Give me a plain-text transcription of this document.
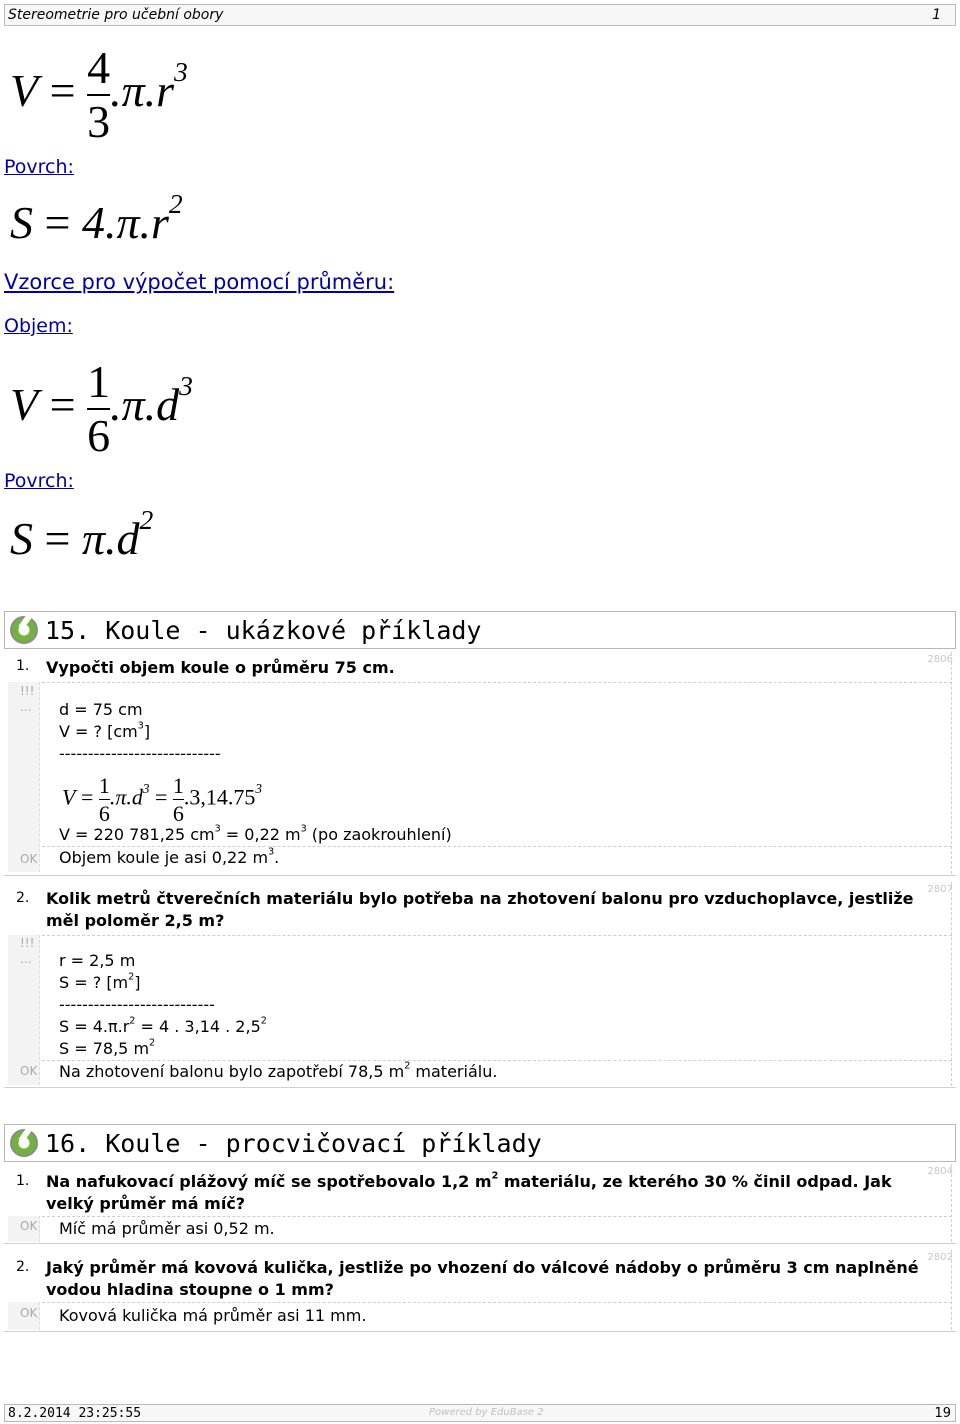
Stereometrie pro učební obory	1
$V = \frac{4}{3} .\pi.r^3$
Povrch:
$S = 4.\pi.r^2$
Vzorce pro výpočet pomocí průměru:
Objem:
$V = \frac{1}{6} .\pi.d^3$
Povrch:
$S = \pi.d^2$
15. Koule - ukázkové příklady
1.	2806
Vypočti objem koule o průměru 75 cm.
!!!
...
OK
d = 75 cm
V = ? $[cm^3]$
----------------------------
$V = \frac{1}{6} .\pi.d^3 = \frac{1}{6} .3,14.75^3$
V = 220 781,25 $cm^3 = 0,22$ $m^3$ (po zaokrouhlení)
Objem koule je asi 0,22 $m^3$.
2.
2807
Kolik metrů čtverečních materiálu bylo potřeba na zhotovení balonu pro vzduchoplavce, jestliže měl poloměr 2,5 m?
!!!
...
OK
r = 2,5 m
S = ? $[m^2]$
---------------------------
$S = 4.\pi.r^2 = 4$ . 3,14 . $2,5^2$
S = 78,5 $m^2$
Na zhotovení balonu bylo zapotřebí 78,5 $m^2$ materiálu.
16. Koule - procvičovací příklady
1.
2804
Na nafukovací plážový míč se spotřebovalo 1,2 $m^2$ materiálu, ze kterého 30 % činil odpad. Jak velký průměr má míč?
OK Míč má průměr asi 0,52 m.
2.
2802
Jaký průměr má kovová kulička, jestliže po vhození do válcové nádoby o průměru 3 cm naplněné vodou hladina stoupne o 1 mm?
OK Kovová kulička má průměr asi 11 mm.
8.2.2014 23:25:55	Powered by EduBase 2	19
